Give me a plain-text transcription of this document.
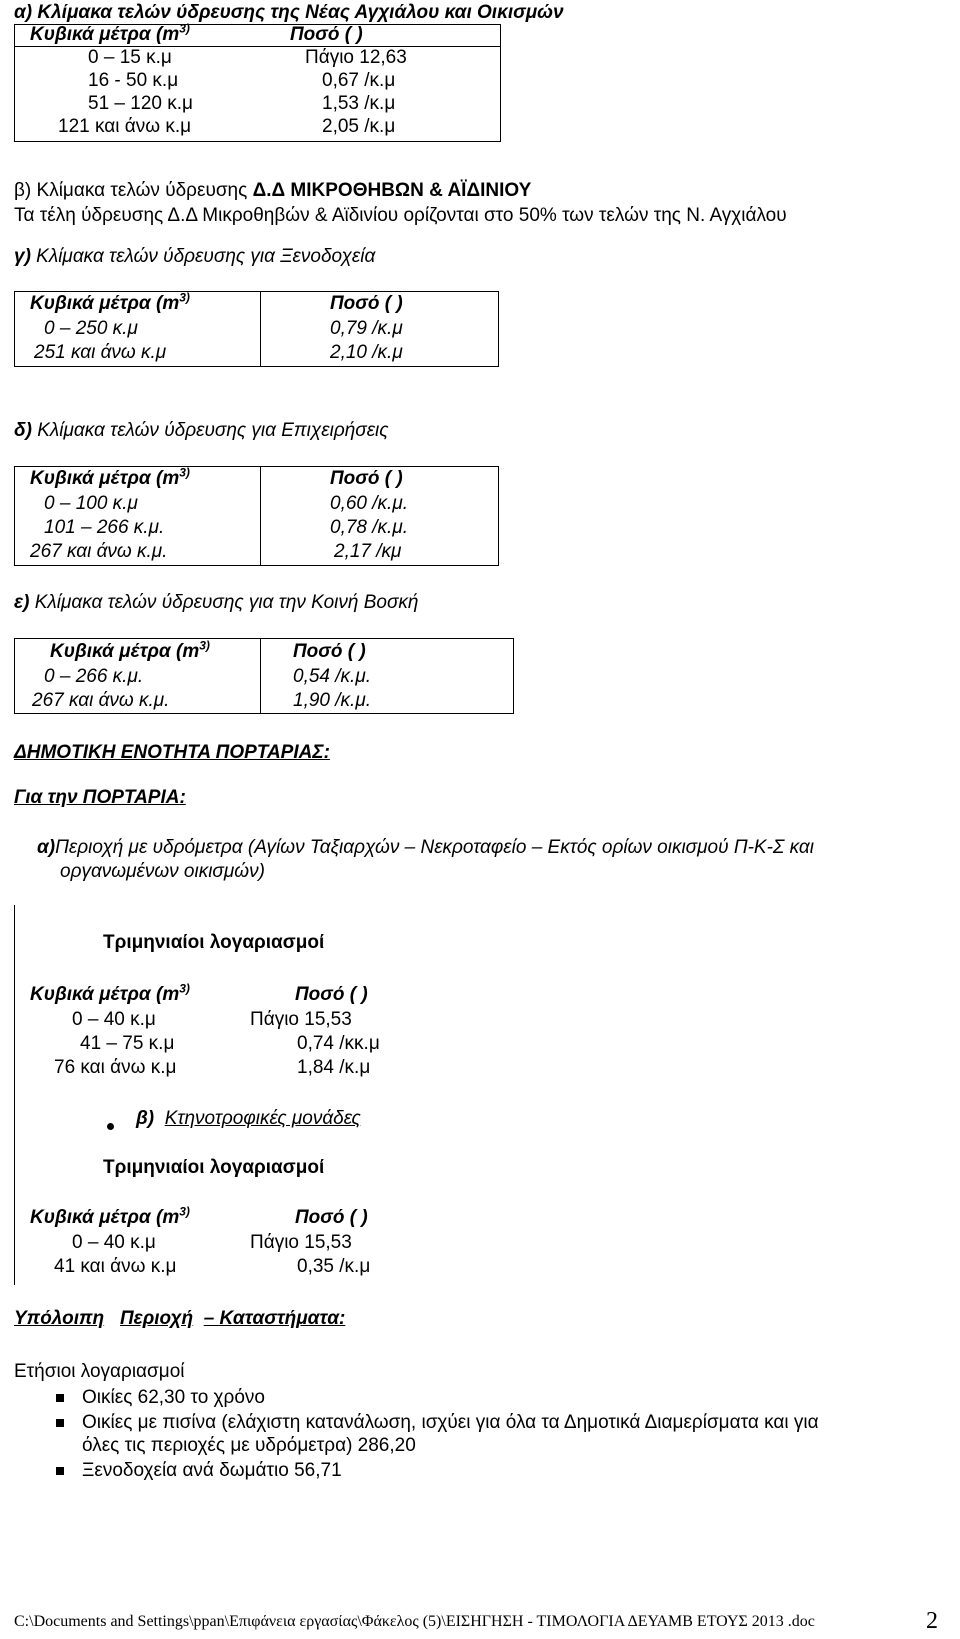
α) Κλίμακα τελών ύδρευσης της Νέας Αγχιάλου και Οικισμών
Κυβικά μέτρα ($m^{3)}$	Ποσό ( )
0 – 15 κ.μ	Πάγιο 12,63
16 - 50 κ.μ	0,67 /κ.μ
51 – 120 κ.μ	1,53 /κ.μ
121 και άνω κ.μ	2,05 /κ.μ
β) Κλίμακα τελών ύδρευσης Δ.Δ ΜΙΚΡΟΘΗΒΩΝ & ΑΪΔΙΝΙΟΥ
Τα τέλη ύδρευσης Δ.Δ Μικροθηβών & Αϊδινίου ορίζονται στο 50% των τελών της Ν. Αγχιάλου
γ) Κλίμακα τελών ύδρευσης για Ξενοδοχεία
Κυβικά μέτρα ($m^{3)}$	Ποσό ( )
0 – 250 κ.μ	0,79 /κ.μ
251 και άνω κ.μ	2,10 /κ.μ
δ) Κλίμακα τελών ύδρευσης για Επιχειρήσεις
Κυβικά μέτρα ($m^{3)}$	Ποσό ( )
0 – 100 κ.μ	0,60 /κ.μ.
101 – 266 κ.μ.	0,78 /κ.μ.
267 και άνω κ.μ.	2,17 /κμ
ε) Κλίμακα τελών ύδρευσης για την Κοινή Βοσκή
Κυβικά μέτρα ($m^{3)}$	Ποσό ( )
0 – 266 κ.μ.	0,54 /κ.μ.
267 και άνω κ.μ.	1,90 /κ.μ.
ΔΗΜΟΤΙΚΗ ΕΝΟΤΗΤΑ ΠΟΡΤΑΡΙΑΣ:
Για την ΠΟΡΤΑΡΙΑ:
α)Περιοχή με υδρόμετρα (Αγίων Ταξιαρχών – Νεκροταφείο – Εκτός ορίων οικισμού Π-Κ-Σ και
οργανωμένων οικισμών)
Τριμηνιαίοι λογαριασμοί
Κυβικά μέτρα ($m^{3)}$	Ποσό ( )
0 – 40 κ.μ	Πάγιο 15,53
41 – 75 κ.μ	0,74 /κκ.μ
76 και άνω κ.μ	1,84 /κ.μ
β) Κτηνοτροφικές μονάδες
Τριμηνιαίοι λογαριασμοί
Κυβικά μέτρα ($m^{3)}$	Ποσό ( )
0 – 40 κ.μ	Πάγιο 15,53
41 και άνω κ.μ	0,35 /κ.μ
Υπόλοιπη Περιοχή – Καταστήματα:
Ετήσιοι λογαριασμοί
Οικίες 62,30 το χρόνο
Οικίες με πισίνα (ελάχιστη κατανάλωση, ισχύει για όλα τα Δημοτικά Διαμερίσματα και για
όλες τις περιοχές με υδρόμετρα) 286,20
Ξενοδοχεία ανά δωμάτιο 56,71
C:\Documents and Settings\ppan\Επιφάνεια εργασίας\Φάκελος (5)\ΕΙΣΗΓΗΣΗ - ΤΙΜΟΛΟΓΙΑ ΔΕΥΑΜΒ ΕΤΟΥΣ 2013 .doc	2
